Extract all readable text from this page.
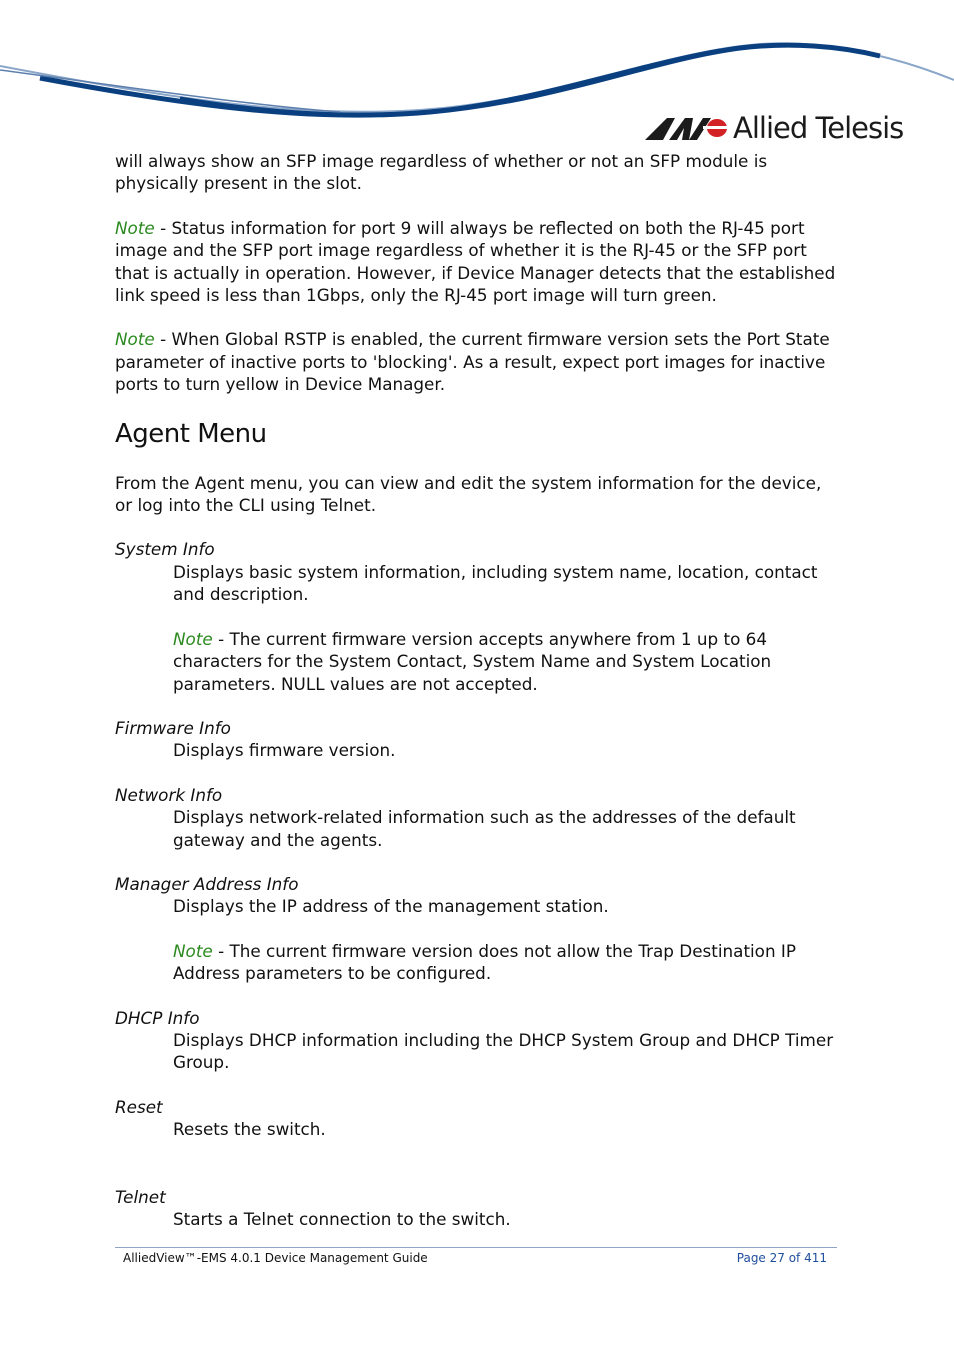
Allied Telesis

will always show an SFP image regardless of whether or not an SFP module is physically present in the slot.

Note - Status information for port 9 will always be reflected on both the RJ-45 port image and the SFP port image regardless of whether it is the RJ-45 or the SFP port that is actually in operation. However, if Device Manager detects that the established link speed is less than 1Gbps, only the RJ-45 port image will turn green.

Note - When Global RSTP is enabled, the current firmware version sets the Port State parameter of inactive ports to 'blocking'. As a result, expect port images for inactive ports to turn yellow in Device Manager.

Agent Menu

From the Agent menu, you can view and edit the system information for the device, or log into the CLI using Telnet.

System Info
Displays basic system information, including system name, location, contact and description.
Note - The current firmware version accepts anywhere from 1 up to 64 characters for the System Contact, System Name and System Location parameters. NULL values are not accepted.
Firmware Info
Displays firmware version.
Network Info
Displays network-related information such as the addresses of the default gateway and the agents.
Manager Address Info
Displays the IP address of the management station.
Note - The current firmware version does not allow the Trap Destination IP Address parameters to be configured.
DHCP Info
Displays DHCP information including the DHCP System Group and DHCP Timer Group.
Reset
Resets the switch.
Telnet
Starts a Telnet connection to the switch.
AlliedView™-EMS 4.0.1 Device Management Guide	Page 27 of 411
